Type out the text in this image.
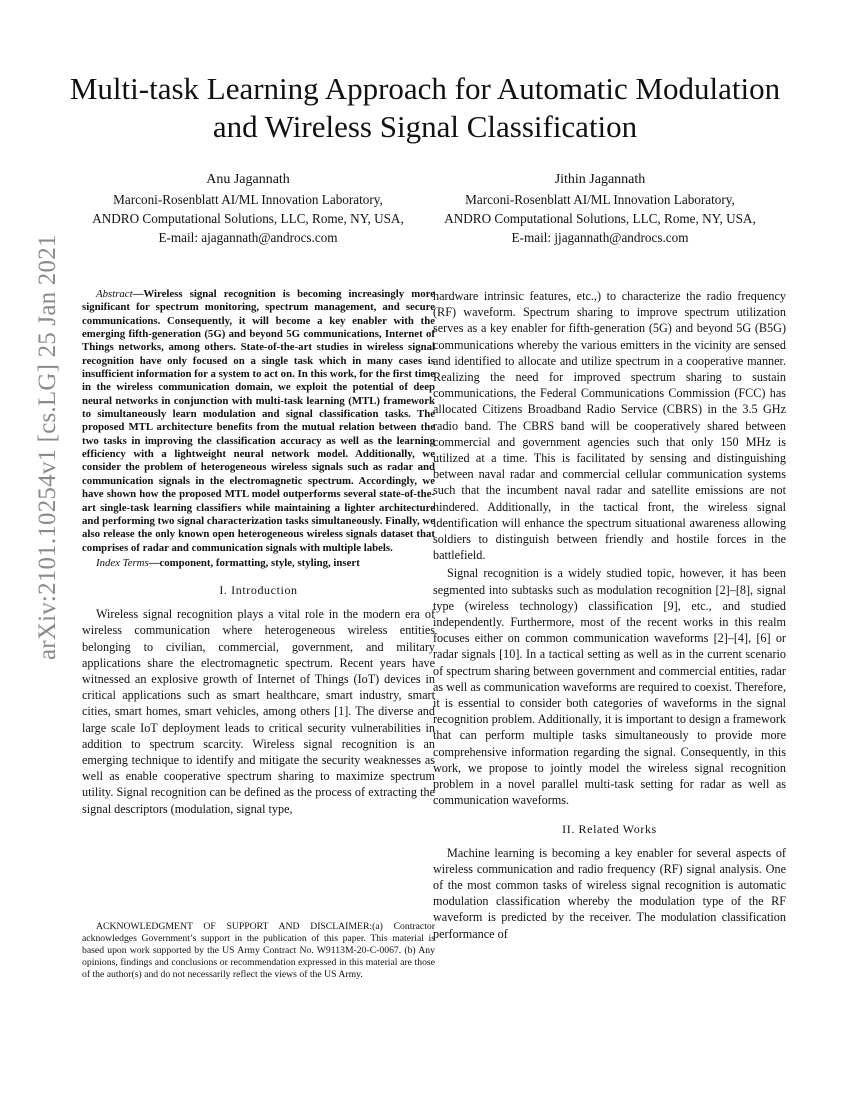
arXiv:2101.10254v1 [cs.LG] 25 Jan 2021
Multi-task Learning Approach for Automatic Modulation and Wireless Signal Classification
Anu Jagannath
Marconi-Rosenblatt AI/ML Innovation Laboratory,
ANDRO Computational Solutions, LLC, Rome, NY, USA,
E-mail: ajagannath@androcs.com
Jithin Jagannath
Marconi-Rosenblatt AI/ML Innovation Laboratory,
ANDRO Computational Solutions, LLC, Rome, NY, USA,
E-mail: jjagannath@androcs.com

Abstract—Wireless signal recognition is becoming increasingly more significant for spectrum monitoring, spectrum management, and secure communications. Consequently, it will become a key enabler with the emerging fifth-generation (5G) and beyond 5G communications, Internet of Things networks, among others. State-of-the-art studies in wireless signal recognition have only focused on a single task which in many cases is insufficient information for a system to act on. In this work, for the first time in the wireless communication domain, we exploit the potential of deep neural networks in conjunction with multi-task learning (MTL) framework to simultaneously learn modulation and signal classification tasks. The proposed MTL architecture benefits from the mutual relation between the two tasks in improving the classification accuracy as well as the learning efficiency with a lightweight neural network model. Additionally, we consider the problem of heterogeneous wireless signals such as radar and communication signals in the electromagnetic spectrum. Accordingly, we have shown how the proposed MTL model outperforms several state-of-the-art single-task learning classifiers while maintaining a lighter architecture and performing two signal characterization tasks simultaneously. Finally, we also release the only known open heterogeneous wireless signals dataset that comprises of radar and communication signals with multiple labels.

Index Terms—component, formatting, style, styling, insert

I. Introduction

Wireless signal recognition plays a vital role in the modern era of wireless communication where heterogeneous wireless entities belonging to civilian, commercial, government, and military applications share the electromagnetic spectrum. Recent years have witnessed an explosive growth of Internet of Things (IoT) devices in critical applications such as smart healthcare, smart industry, smart cities, smart homes, smart vehicles, among others [1]. The diverse and large scale IoT deployment leads to critical security vulnerabilities in addition to spectrum scarcity. Wireless signal recognition is an emerging technique to identify and mitigate the security weaknesses as well as enable cooperative spectrum sharing to maximize spectrum utility. Signal recognition can be defined as the process of extracting the signal descriptors (modulation, signal type,

hardware intrinsic features, etc.,) to characterize the radio frequency (RF) waveform. Spectrum sharing to improve spectrum utilization serves as a key enabler for fifth-generation (5G) and beyond 5G (B5G) communications whereby the various emitters in the vicinity are sensed and identified to allocate and utilize spectrum in a cooperative manner. Realizing the need for improved spectrum sharing to sustain communications, the Federal Communications Commission (FCC) has allocated Citizens Broadband Radio Service (CBRS) in the 3.5 GHz radio band. The CBRS band will be cooperatively shared between commercial and government agencies such that only 150 MHz is utilized at a time. This is facilitated by sensing and distinguishing between naval radar and commercial cellular communication systems such that the incumbent naval radar and satellite emissions are not hindered. Additionally, in the tactical front, the wireless signal identification will enhance the spectrum situational awareness allowing soldiers to distinguish between friendly and hostile forces in the battlefield.

Signal recognition is a widely studied topic, however, it has been segmented into subtasks such as modulation recognition [2]–[8], signal type (wireless technology) classification [9], etc., and studied independently. Furthermore, most of the recent works in this realm focuses either on common communication waveforms [2]–[4], [6] or radar signals [10]. In a tactical setting as well as in the current scenario of spectrum sharing between government and commercial entities, radar as well as communication waveforms are required to coexist. Therefore, it is essential to consider both categories of waveforms in the signal recognition problem. Additionally, it is important to design a framework that can perform multiple tasks simultaneously to provide more comprehensive information regarding the signal. Consequently, in this work, we propose to jointly model the wireless signal recognition problem in a novel parallel multi-task setting for radar as well as communication waveforms.

II. Related Works

Machine learning is becoming a key enabler for several aspects of wireless communication and radio frequency (RF) signal analysis. One of the most common tasks of wireless signal recognition is automatic modulation classification whereby the modulation type of the RF waveform is predicted by the receiver. The modulation classification performance of

ACKNOWLEDGMENT OF SUPPORT AND DISCLAIMER:(a) Contractor acknowledges Government’s support in the publication of this paper. This material is based upon work supported by the US Army Contract No. W9113M-20-C-0067. (b) Any opinions, findings and conclusions or recommendation expressed in this material are those of the author(s) and do not necessarily reflect the views of the US Army.
